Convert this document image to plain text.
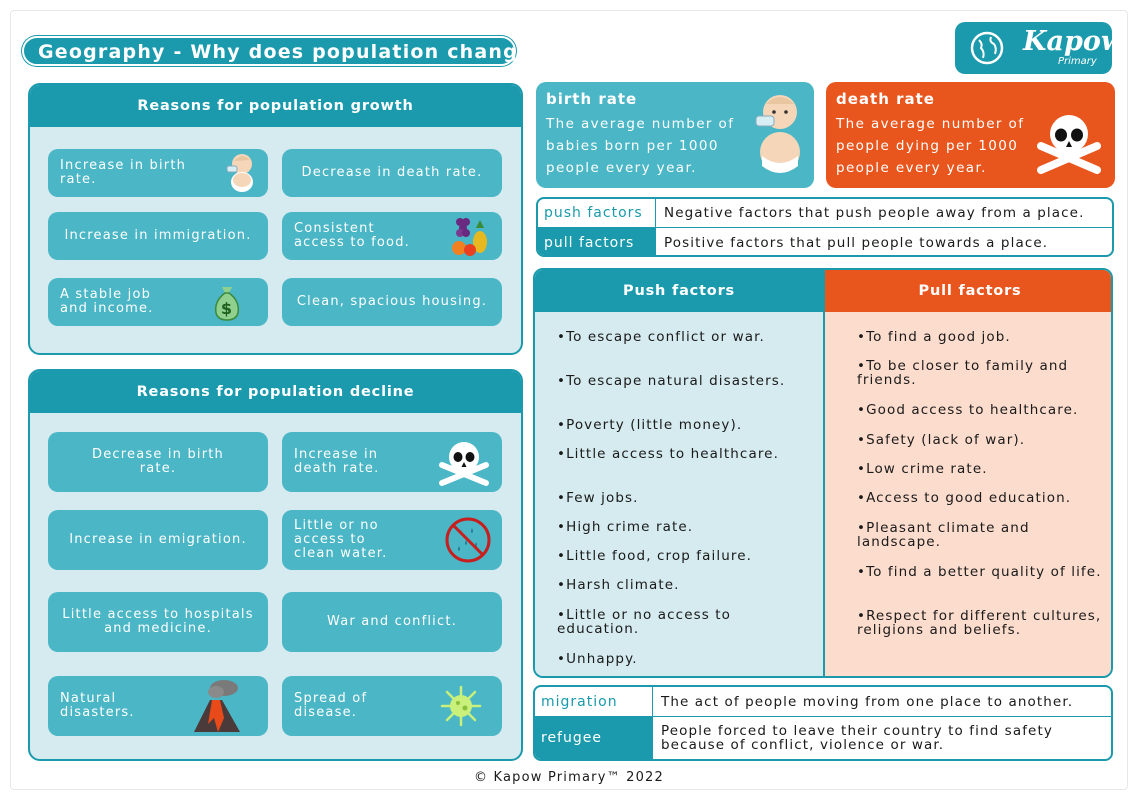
Geography - Why does population change?	Kapow
Primary
Reasons for population growth
Increase in birth rate.	Decrease in death rate.
Increase in immigration.	Consistent access to food.
A stable job and income.	$	Clean, spacious housing.
Reasons for population decline
Decrease in birth rate.
Increase in death rate.
Increase in emigration.
Little or no access to clean water.
Little access to hospitals and medicine.	War and conflict.
Natural disasters.
Spread of disease.
birth rate
The average number of babies born per 1000 people every year.
death rate
The average number of people dying per 1000 people every year.
push factors	Negative factors that push people away from a place.
pull factors	Positive factors that pull people towards a place.
Push factors
•To escape conflict or war.
•To escape natural disasters.
•Poverty (little money).
•Little access to healthcare.
•Few jobs.
•High crime rate.
•Little food, crop failure.
•Harsh climate.
•Little or no access to education.
•Unhappy.
Pull factors
•To find a good job.
•To be closer to family and friends.
•Good access to healthcare.
•Safety (lack of war).
•Low crime rate.
•Access to good education.
•Pleasant climate and landscape.
•To find a better quality of life.
•Respect for different cultures, religions and beliefs.
migration	The act of people moving from one place to another.
refugee	People forced to leave their country to find safety because of conflict, violence or war.
© Kapow Primary™ 2022
